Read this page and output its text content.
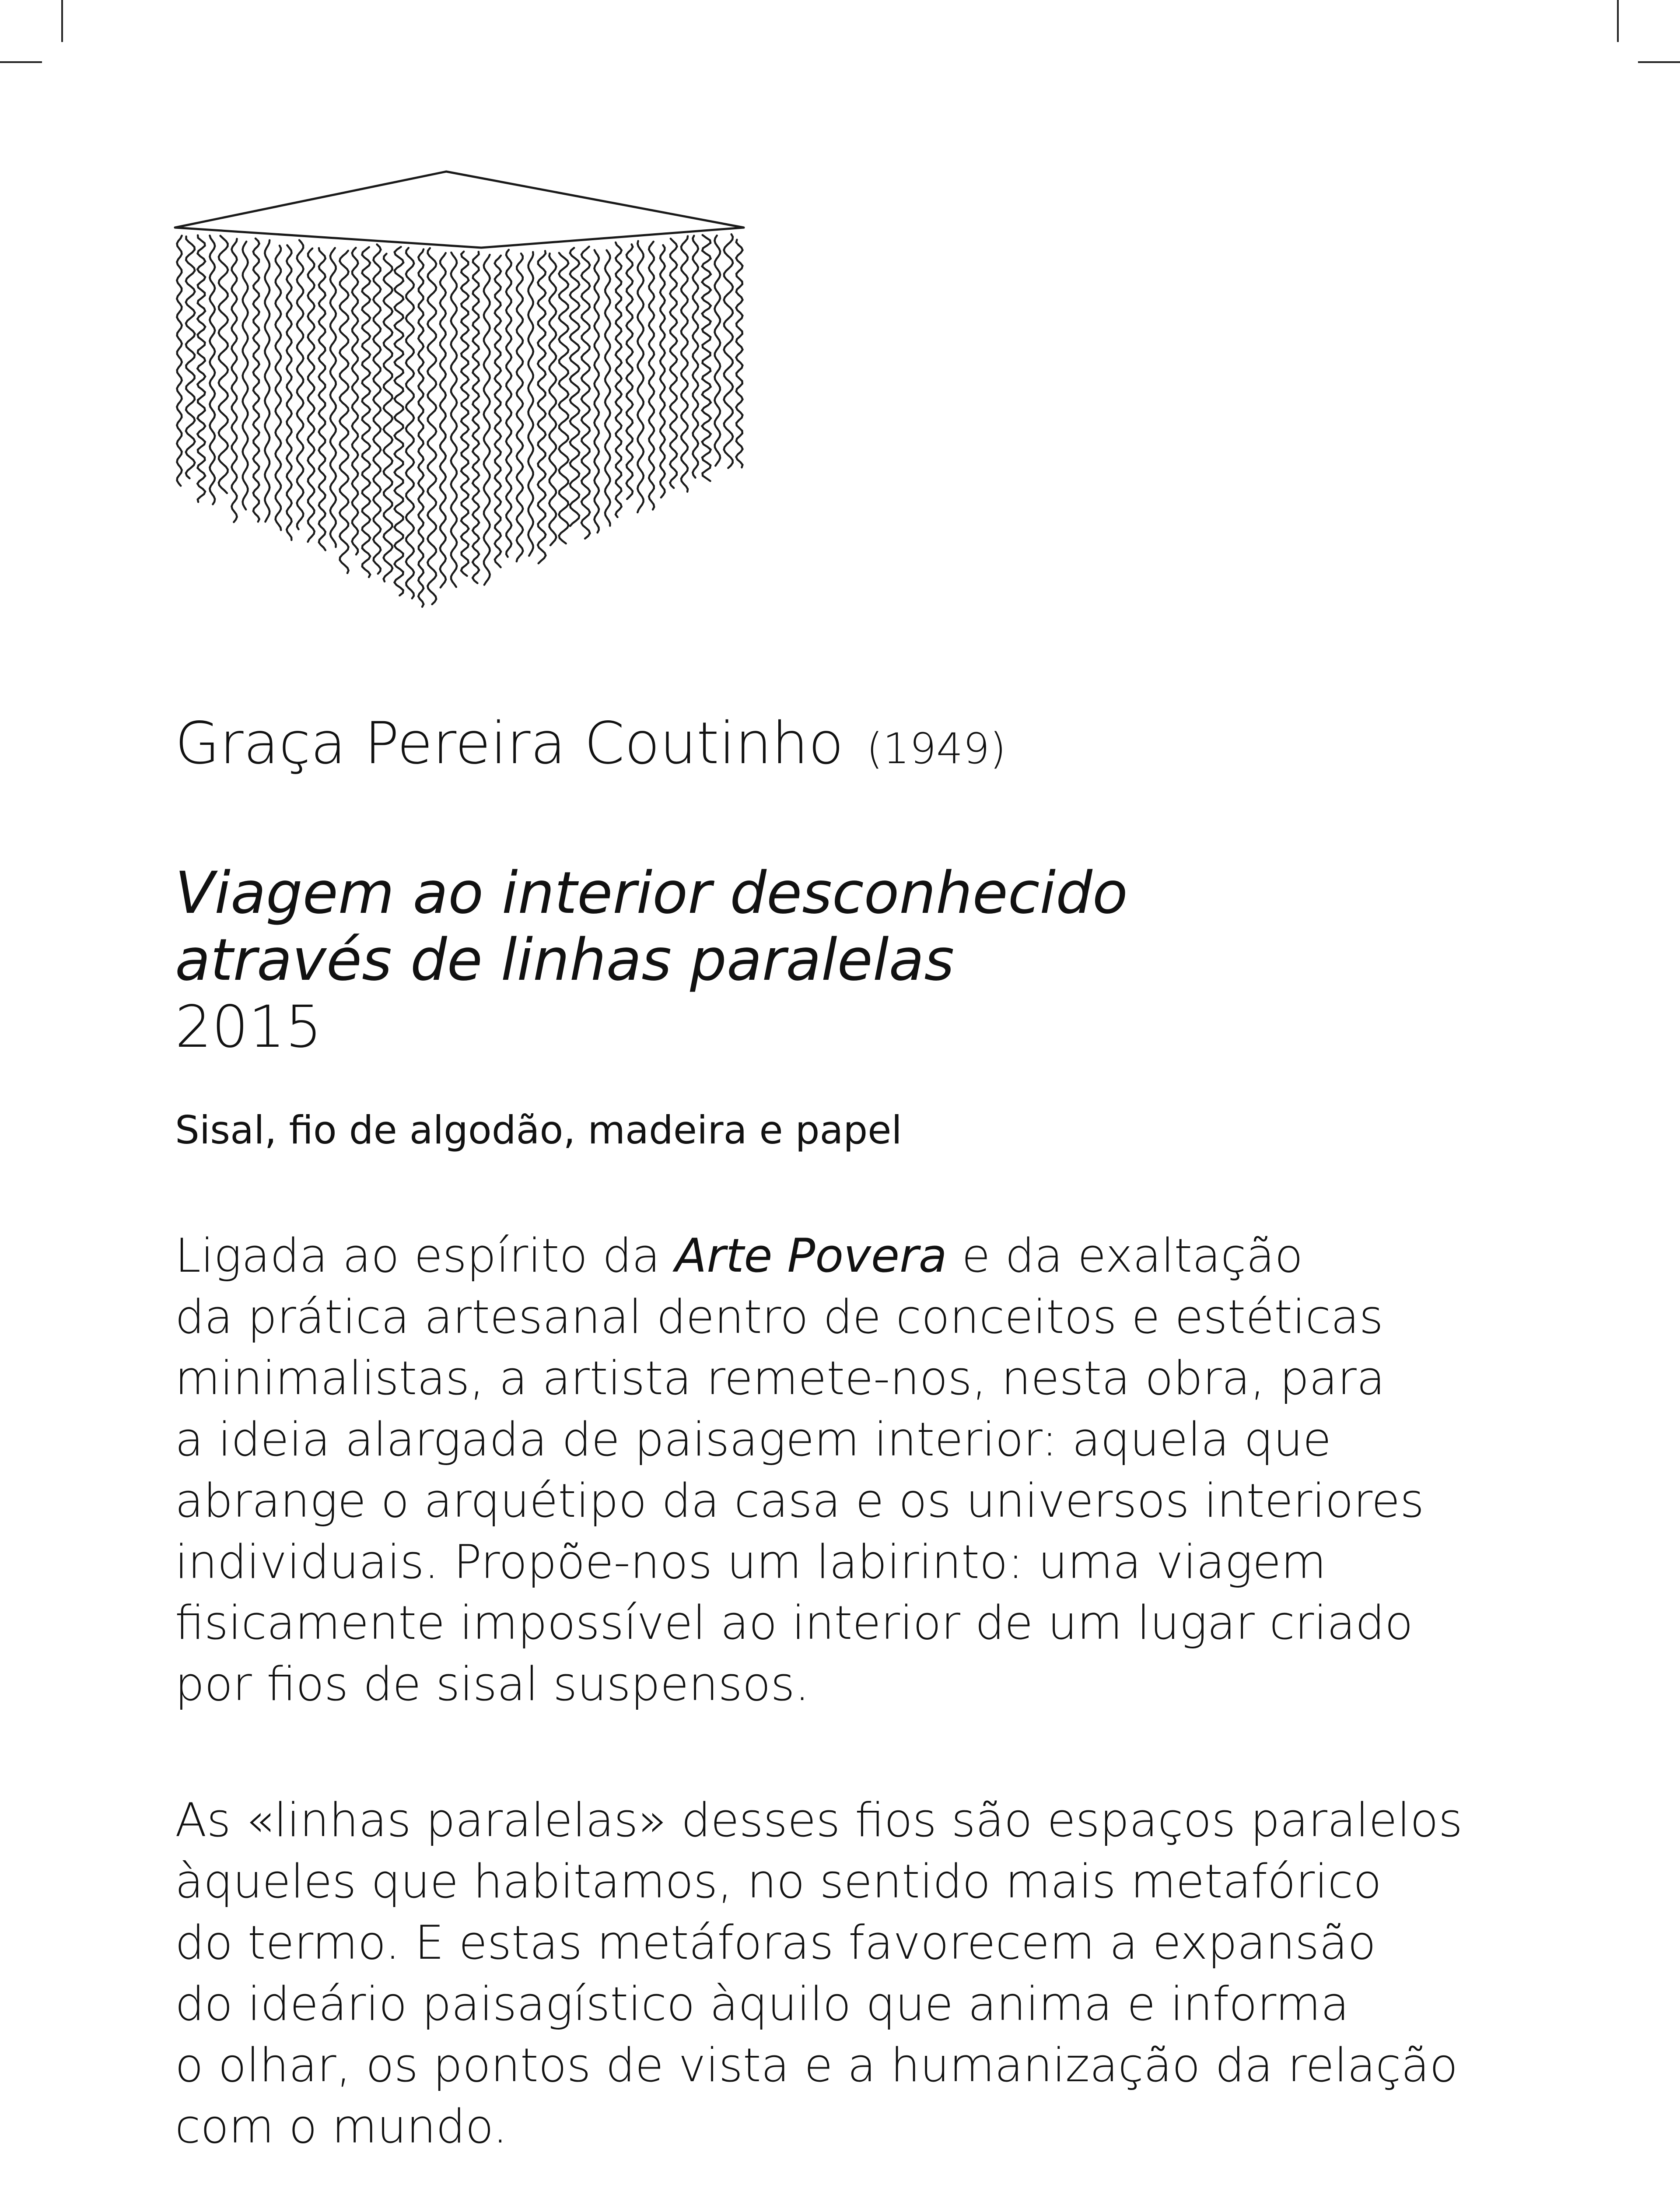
Graça Pereira Coutinho (1949)
Viagem ao interior desconhecido
através de linhas paralelas
2015
Sisal, fio de algodão, madeira e papel
Ligada ao espírito da Arte Povera e da exaltação
da prática artesanal dentro de conceitos e estéticas
minimalistas, a artista remete-nos, nesta obra, para
a ideia alargada de paisagem interior: aquela que
abrange o arquétipo da casa e os universos interiores
individuais. Propõe-nos um labirinto: uma viagem
fisicamente impossível ao interior de um lugar criado
por fios de sisal suspensos.
As «linhas paralelas» desses fios são espaços paralelos
àqueles que habitamos, no sentido mais metafórico
do termo. E estas metáforas favorecem a expansão
do ideário paisagístico àquilo que anima e informa
o olhar, os pontos de vista e a humanização da relação
com o mundo.
